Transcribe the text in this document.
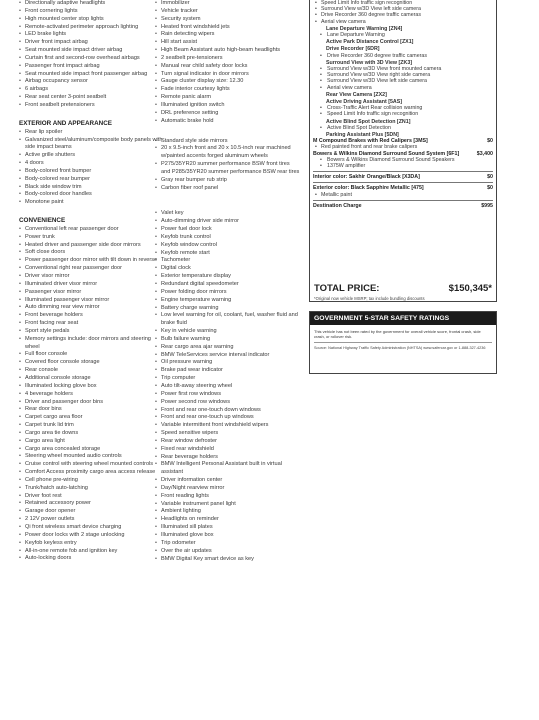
• Directionally adaptive headlights
• Front cornering lights
• High mounted center stop lights
• Remote-activated perimeter approach lighting
• LED brake lights
• Driver front impact airbag
• Seat mounted side impact driver airbag
• Curtain first and second-row overhead airbags
• Passenger front impact airbag
• Seat mounted side impact front passenger airbag
• Airbag occupancy sensor
• 6 airbags
• Rear seat center 3-point seatbelt
• Front seatbelt pretensioners
EXTERIOR AND APPEARANCE
• Rear lip spoiler
• Galvanized steel/aluminum/composite body panels with side impact beams
• Active grille shutters
• 4 doors
• Body-colored front bumper
• Body-colored rear bumper
• Black side window trim
• Body-colored door handles
• Monotone paint
CONVENIENCE
• Conventional left rear passenger door
• Power trunk
• Heated driver and passenger side door mirrors
• Soft close doors
• Power passenger door mirror with tilt down in reverse
• Conventional right rear passenger door
• Driver visor mirror
• Illuminated driver visor mirror
• Passenger visor mirror
• Illuminated passenger visor mirror
• Auto dimming rear view mirror
• Front beverage holders
• Front facing rear seat
• Sport style pedals
• Memory settings include: door mirrors and steering wheel
• Full floor console
• Covered floor console storage
• Rear console
• Additional console storage
• Illuminated locking glove box
• 4 beverage holders
• Driver and passenger door bins
• Rear door bins
• Carpet cargo area floor
• Carpet trunk lid trim
• Cargo area tie downs
• Cargo area light
• Cargo area concealed storage
• Steering wheel mounted audio controls
• Cruise control with steering wheel mounted controls
• Comfort Access proximity cargo area access release
• Cell phone pre-wiring
• Trunk/hatch auto-latching
• Driver foot rest
• Retained accessory power
• Garage door opener
• 2 12V power outlets
• Qi front wireless smart device charging
• Power door locks with 2 stage unlocking
• Keyfob keyless entry
• All-in-one remote fob and ignition key
• Auto-locking doors
• Immobilizer
• Vehicle tracker
• Security system
• Heated front windshield jets
• Rain detecting wipers
• Hill start assist
• High Beam Assistant auto high-beam headlights
• 2 seatbelt pre-tensioners
• Manual rear child safety door locks
• Turn signal indicator in door mirrors
• Gauge cluster display size: 12.30
• Fade interior courtesy lights
• Remote panic alarm
• Illuminated ignition switch
• DRL preference setting
• Automatic brake hold
• Standard style side mirrors
• 20 x 9.5-inch front and 20 x 10.5-inch rear machined w/painted accents forged aluminum wheels
• P275/35YR20 summer performance BSW front tires and P285/35YR20 summer performance BSW rear tires
• Gray rear bumper rub strip
• Carbon fiber roof panel
• Valet key
• Auto-dimming driver side mirror
• Power fuel door lock
• Keyfob trunk control
• Keyfob window control
• Keyfob remote start
• Tachometer
• Digital clock
• Exterior temperature display
• Redundant digital speedometer
• Power folding door mirrors
• Engine temperature warning
• Battery charge warning
• Low level warning for oil, coolant, fuel, washer fluid and brake fluid
• Key in vehicle warning
• Bulb failure warning
• Rear cargo area ajar warning
• BMW TeleServices service interval indicator
• Oil pressure warning
• Brake pad wear indicator
• Trip computer
• Auto tilt-away steering wheel
• Power first row windows
• Power second row windows
• Front and rear one-touch down windows
• Front and rear one-touch up windows
• Variable intermittent front windshield wipers
• Speed sensitive wipers
• Rear window defroster
• Fixed rear windshield
• Rear beverage holders
• BMW Intelligent Personal Assistant built in virtual assistant
• Driver information center
• Day/Night rearview mirror
• Front reading lights
• Variable instrument panel light
• Ambient lighting
• Headlights on reminder
• Illuminated sill plates
• Illuminated glove box
• Trip odometer
• Over the air updates
• BMW Digital Key smart device as key
• Speed Limit Info traffic sign recognition
• Surround View w/3D View left side camera
• Drive Recorder 360 degree traffic cameras
• Aerial view camera
Lane Departure Warning [ZN4]
• Lane Departure Warning
Active Park Distance Control [ZX1]
Drive Recorder [6DR]
• Drive Recorder 360 degree traffic cameras
Surround View with 3D View [ZK3]
• Surround View w/3D View front mounted camera
• Surround View w/3D View right side camera
• Surround View w/3D View left side camera
• Aerial view camera
Rear View Camera [ZX2]
Active Driving Assistant [5AS]
• Cross-Traffic Alert Rear collision warning
• Speed Limit Info traffic sign recognition
Active Blind Spot Detection [ZN1]
• Active Blind Spot Detection
Parking Assistant Plus [5DN]
M Compound Brakes with Red Calipers [3MS]	$0
• Red painted front and rear brake calipers
Bowers & Wilkins Diamond Surround Sound System [6F1]	$3,400
• Bowers & Wilkins Diamond Surround Sound Speakers
• 1375W amplifier
Interior color: Sakhir Orange/Black [X3DA]	$0
Exterior color: Black Sapphire Metallic [475]	$0
• Metallic paint
Destination Charge	$995
TOTAL PRICE:	$150,345*
*Original now vehicle MSRP; tax include bundling discounts
GOVERNMENT 5-STAR SAFETY RATINGS
This vehicle has not been rated by the government for overall vehicle score, frontal crash, side crash, or rollover risk.
Source: National Highway Traffic Safety Administration (NHTSA) www.safercar.gov or 1-888-327-4236
